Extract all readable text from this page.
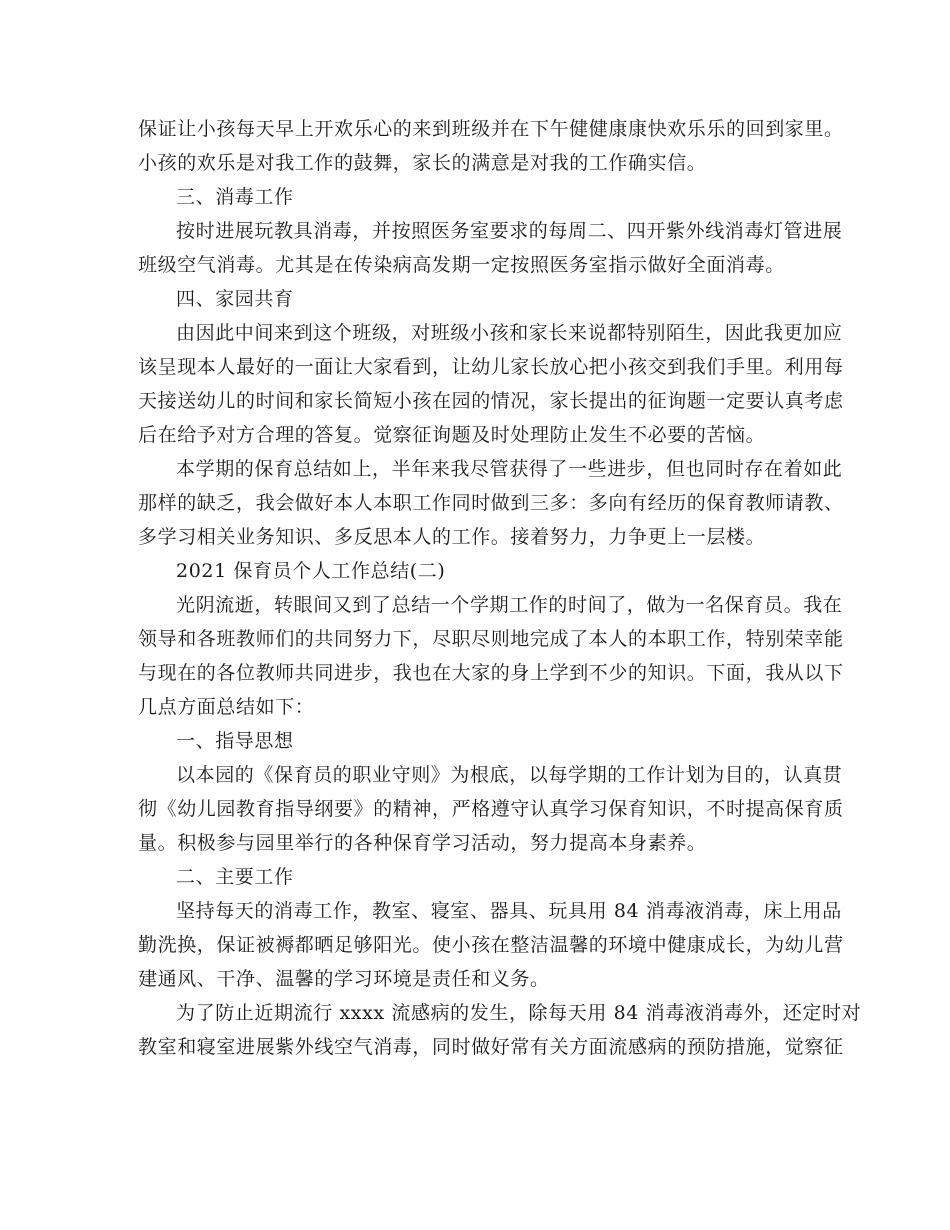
保证让小孩每天早上开欢乐心的来到班级并在下午健健康康快欢乐乐的回到家里。
小孩的欢乐是对我工作的鼓舞，家长的满意是对我的工作确实信。
三、消毒工作
按时进展玩教具消毒，并按照医务室要求的每周二、四开紫外线消毒灯管进展
班级空气消毒。尤其是在传染病高发期一定按照医务室指示做好全面消毒。
四、家园共育
由因此中间来到这个班级，对班级小孩和家长来说都特别陌生，因此我更加应
该呈现本人最好的一面让大家看到，让幼儿家长放心把小孩交到我们手里。利用每
天接送幼儿的时间和家长简短小孩在园的情况，家长提出的征询题一定要认真考虑
后在给予对方合理的答复。觉察征询题及时处理防止发生不必要的苦恼。
本学期的保育总结如上，半年来我尽管获得了一些进步，但也同时存在着如此
那样的缺乏，我会做好本人本职工作同时做到三多：多向有经历的保育教师请教、
多学习相关业务知识、多反思本人的工作。接着努力，力争更上一层楼。
2021 保育员个人工作总结(二)
光阴流逝，转眼间又到了总结一个学期工作的时间了，做为一名保育员。我在
领导和各班教师们的共同努力下，尽职尽则地完成了本人的本职工作，特别荣幸能
与现在的各位教师共同进步，我也在大家的身上学到不少的知识。下面，我从以下
几点方面总结如下：
一、指导思想
以本园的《保育员的职业守则》为根底，以每学期的工作计划为目的，认真贯
彻《幼儿园教育指导纲要》的精神，严格遵守认真学习保育知识，不时提高保育质
量。积极参与园里举行的各种保育学习活动，努力提高本身素养。
二、主要工作
坚持每天的消毒工作，教室、寝室、器具、玩具用 84 消毒液消毒，床上用品
勤洗换，保证被褥都晒足够阳光。使小孩在整洁温馨的环境中健康成长，为幼儿营
建通风、干净、温馨的学习环境是责任和义务。
为了防止近期流行 xxxx 流感病的发生，除每天用 84 消毒液消毒外，还定时对
教室和寝室进展紫外线空气消毒，同时做好常有关方面流感病的预防措施，觉察征
